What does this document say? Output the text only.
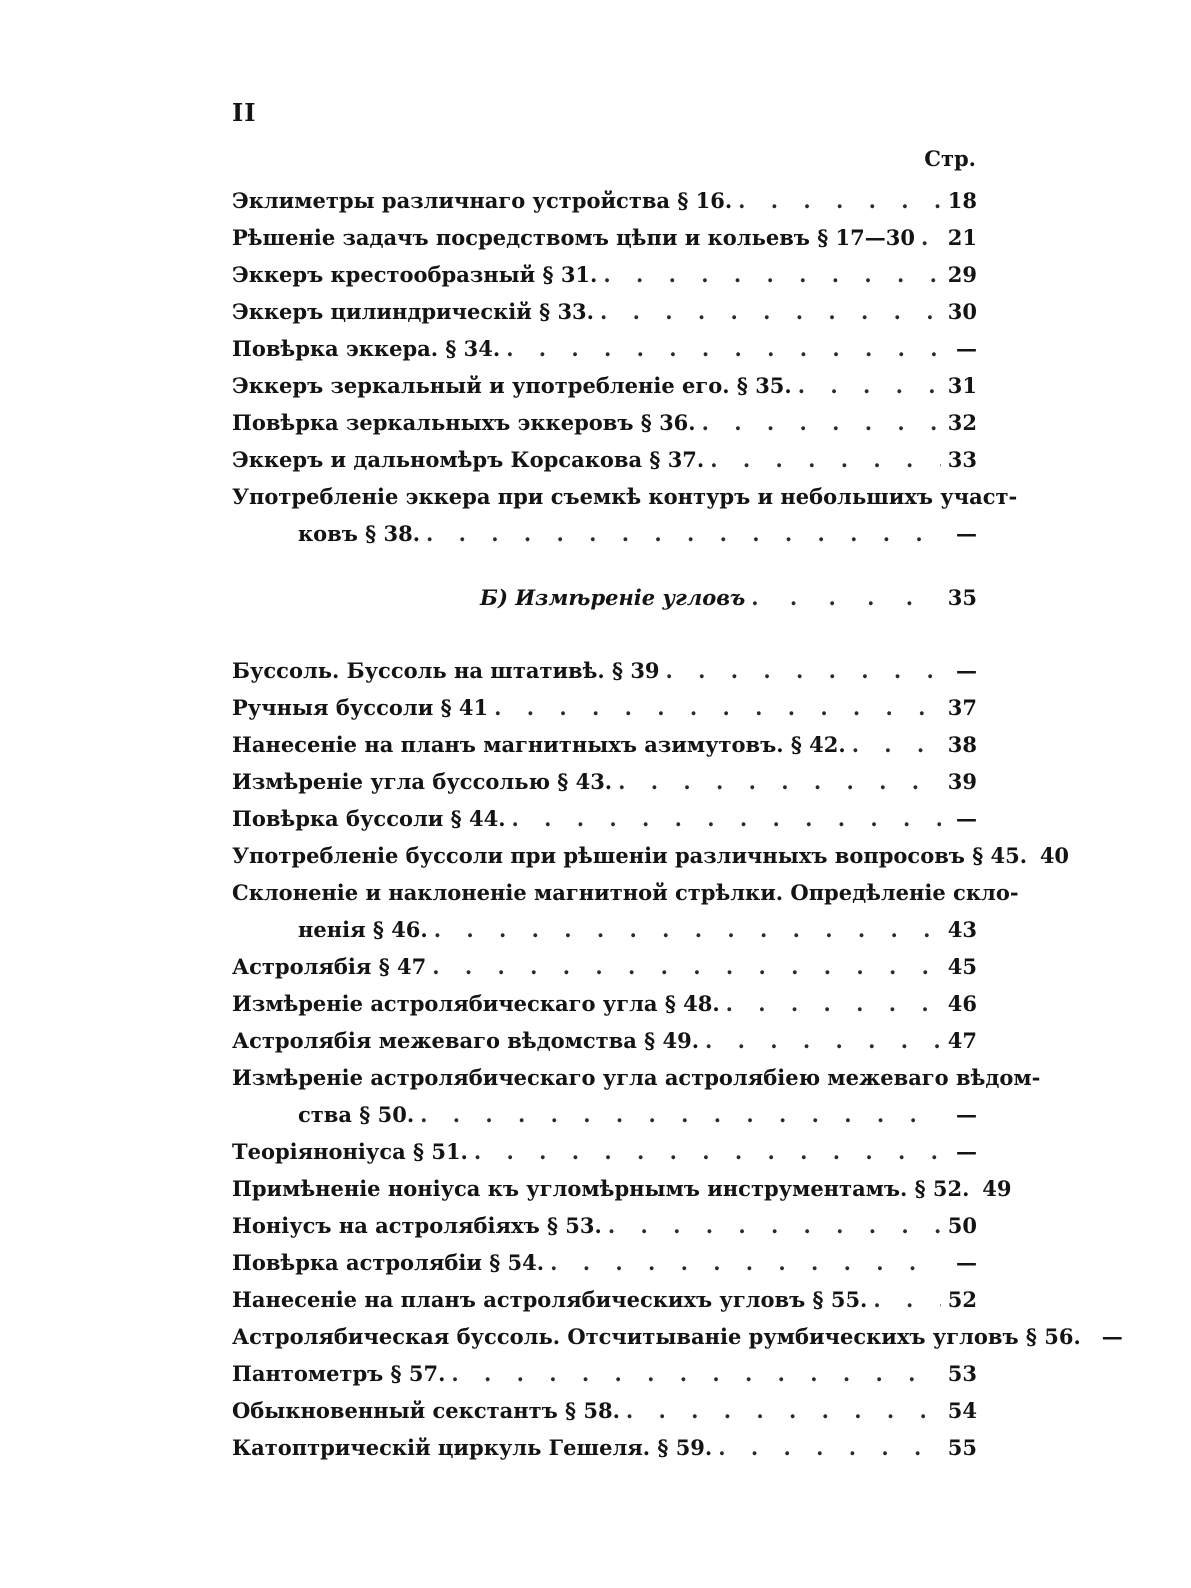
II
Стр.
Эклиметры различнаго устройства § 16. . . .	18
Рѣшеніе задачъ посредствомъ цѣпи и кольевъ § 17—30 . . . 21
Эккеръ крестообразный § 31. . . .	29
Эккеръ цилиндрическій § 33. . . .	30
Повѣрка эккера. § 34. . . .	—
Эккеръ зеркальный и употребленіе его. § 35. . . .	31
Повѣрка зеркальныхъ эккеровъ § 36. . . .	32
Эккеръ и дальномѣръ Корсакова § 37. . . .	33
Употребленіе эккера при съемкѣ контуръ и небольшихъ участ-
ковъ § 38. . . .	—
Б) Измѣреніе угловъ . . .	35
Буссоль. Буссоль на штативѣ. § 39 . . .	—
Ручныя буссоли § 41 . . .	37
Нанесеніе на планъ магнитныхъ азимутовъ. § 42. . . .	38
Измѣреніе угла буссолью § 43. . . .	39
Повѣрка буссоли § 44. . . .	—
Употребленіе буссоли при рѣшеніи различныхъ вопросовъ § 45. 40
Склоненіе и наклоненіе магнитной стрѣлки. Опредѣленіе скло-
ненія § 46. . . .	43
Астролябія § 47 . . .	45
Измѣреніе астролябическаго угла § 48. . . .	46
Астролябія межеваго вѣдомства § 49. . . .	47
Измѣреніе астролябическаго угла астролябіею межеваго вѣдом-
ства § 50. . . .	—
Теоріяноніуса § 51. . . .	—
Примѣненіе ноніуса къ угломѣрнымъ инструментамъ. § 52. 49
Ноніусъ на астролябіяхъ § 53. . . .	50
Повѣрка астролябіи § 54. . . .	—
Нанесеніе на планъ астролябическихъ угловъ § 55. . . .	52
Астролябическая буссоль. Отсчитываніе румбическихъ угловъ § 56.	—
Пантометръ § 57. . . .	53
Обыкновенный секстантъ § 58. . . .	54
Катоптрическій циркуль Гешеля. § 59. . . .	55
